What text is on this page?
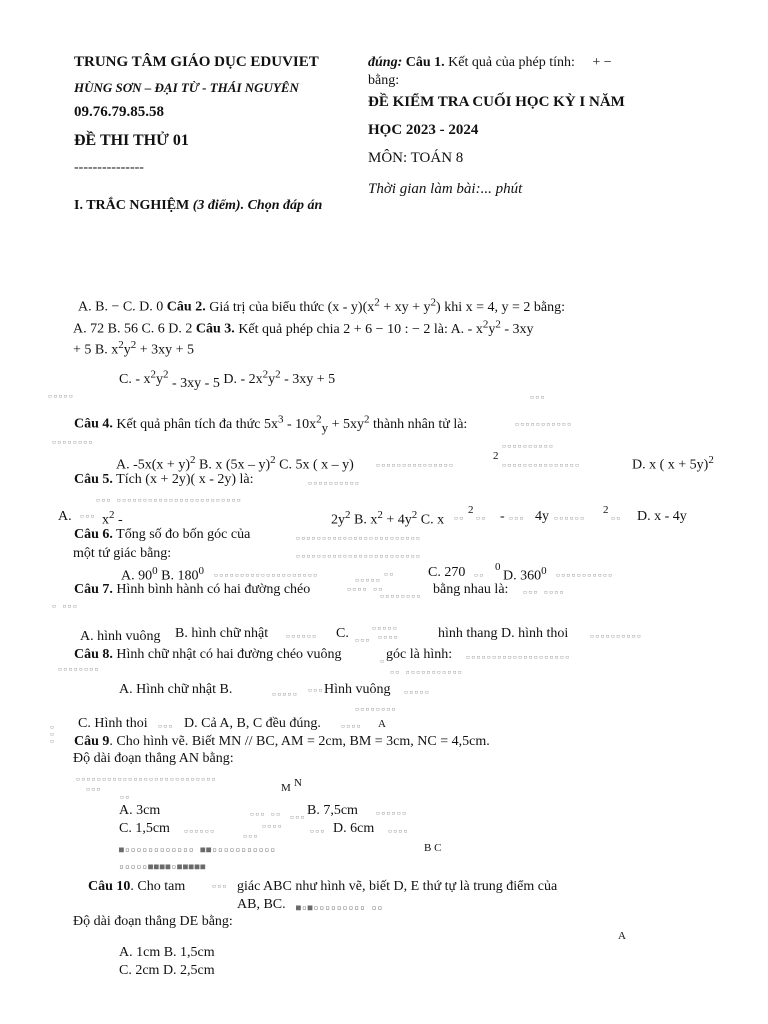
TRUNG TÂM GIÁO DỤC EDUVIET
HÙNG SƠN – ĐẠI TỪ - THÁI NGUYÊN
09.76.79.85.58
ĐỀ THI THỬ 01
---------------
đúng: Câu 1. Kết quả của phép tính: + −
bằng:
ĐỀ KIỂM TRA CUỐI HỌC KỲ I NĂM
HỌC 2023 - 2024
MÔN: TOÁN 8
Thời gian làm bài:... phút
I. TRẮC NGHIỆM (3 điểm). Chọn đáp án
A. B. − C. D. 0 Câu 2. Giá trị của biểu thức $(x - y)(x^2$ + xy + $y^2$) khi x = 4, y = 2 bằng:
A. 72 B. 56 C. 6 D. 2 Câu 3. Kết quả phép chia 2 + 6 − 10 : − 2 là: A. - $x^2y^2 - 3xy$
+ 5 B. $x^2y^2 + 3xy + 5$
C. - $x^2y^2 - 3xy - 5$ D. - $2x^2y^2 - 3xy + 5$
▫▫▫▫▫	▫▫▫
Câu 4. Kết quả phân tích đa thức $5x^3 - 10x^2_y + 5xy^2$ thành nhân tử là:	▫▫▫▫▫▫▫▫▫▫▫
▫▫▫▫▫▫▫▫	▫▫▫▫▫▫▫▫▫▫
A. $-5x(x + y)^2$ B. x (5x – y)$^2$ C. 5x ( x – y)	▫▫▫▫▫▫▫▫▫▫▫▫▫▫▫
2
▫▫▫▫▫▫▫▫▫▫▫▫▫▫▫	D. x ( x + 5y)$^2$
Câu 5. Tích (x + 2y)( x - 2y) là:	▫▫▫▫▫▫▫▫▫▫
▫▫▫ ▫▫▫▫▫▫▫▫▫▫▫▫▫▫▫▫▫▫▫▫▫▫▫▫
A. ▫▫▫ $x^2$ -	$2y^2$ B. $x^2 + 4y^2$ C. x ▫▫
2
▫▫ - ▫▫▫ 4y ▫▫▫▫▫▫
2
▫▫ D. x - 4y
Câu 6. Tổng số đo bốn góc của	▫▫▫▫▫▫▫▫▫▫▫▫▫▫▫▫▫▫▫▫▫▫▫▫
một tứ giác bằng:	▫▫▫▫▫▫▫▫▫▫▫▫▫▫▫▫▫▫▫▫▫▫▫▫
A. $90^0$ B. $180^0$ ▫▫▫▫▫▫▫▫▫▫▫▫▫▫▫▫▫▫▫▫
▫▫▫▫▫
▫▫ C. 270 ▫▫
0
D. $360^0$ ▫▫▫▫▫▫▫▫▫▫▫
Câu 7. Hình bình hành có hai đường chéo	▫▫▫▫ ▫▫
▫▫▫▫▫▫▫▫ bằng nhau là: ▫▫▫ ▫▫▫▫
▫ ▫▫▫
A. hình vuông B. hình chữ nhật	▫▫▫▫▫▫ C. ▫▫▫
▫▫▫▫▫
▫▫▫▫	hình thang D. hình thoi	▫▫▫▫▫▫▫▫▫▫
Câu 8. Hình chữ nhật có hai đường chéo vuông	▫ góc là hình: ▫▫▫▫▫▫▫▫▫▫▫▫▫▫▫▫▫▫▫▫
▫▫▫▫▫▫▫▫	▫▫ ▫▫▫▫▫▫▫▫▫▫▫
A. Hình chữ nhật B.	▫▫▫▫▫ ▫▫▫ Hình vuông ▫▫▫▫▫
▫▫▫▫▫▫▫▫
▫
▫
▫
C. Hình thoi ▫▫▫ D. Cả A, B, C đều đúng.	▫▫▫▫ A
Câu 9. Cho hình vẽ. Biết MN // BC, AM = 2cm, BM = 3cm, NC = 4,5cm.
Độ dài đoạn thẳng AN bằng:
▫▫▫▫▫▫▫▫▫▫▫▫▫▫▫▫▫▫▫▫▫▫▫▫▫▫▫
▫▫▫
▫▫
M N
A. 3cm	▫▫▫ ▫▫ ▫▫▫ B. 7,5cm	▫▫▫▫▫▫
C. 1,5cm ▫▫▫▫▫▫
▫▫▫
▫▫▫▫
▫▫▫ D. 6cm ▫▫▫▫
■▫▫▫▫▫▫▫▫▫▫▫▫ ■■▫▫▫▫▫▫▫▫▫▫▫	B C
▫▫▫▫▫■■■■▫■■■■■
Câu 10. Cho tam	▫▫▫ giác ABC như hình vẽ, biết D, E thứ tự là trung điểm của
AB, BC. ■▫■▫▫▫▫▫▫▫▫▫ ▫▫
Độ dài đoạn thẳng DE bằng:
A
A. 1cm B. 1,5cm
C. 2cm D. 2,5cm
